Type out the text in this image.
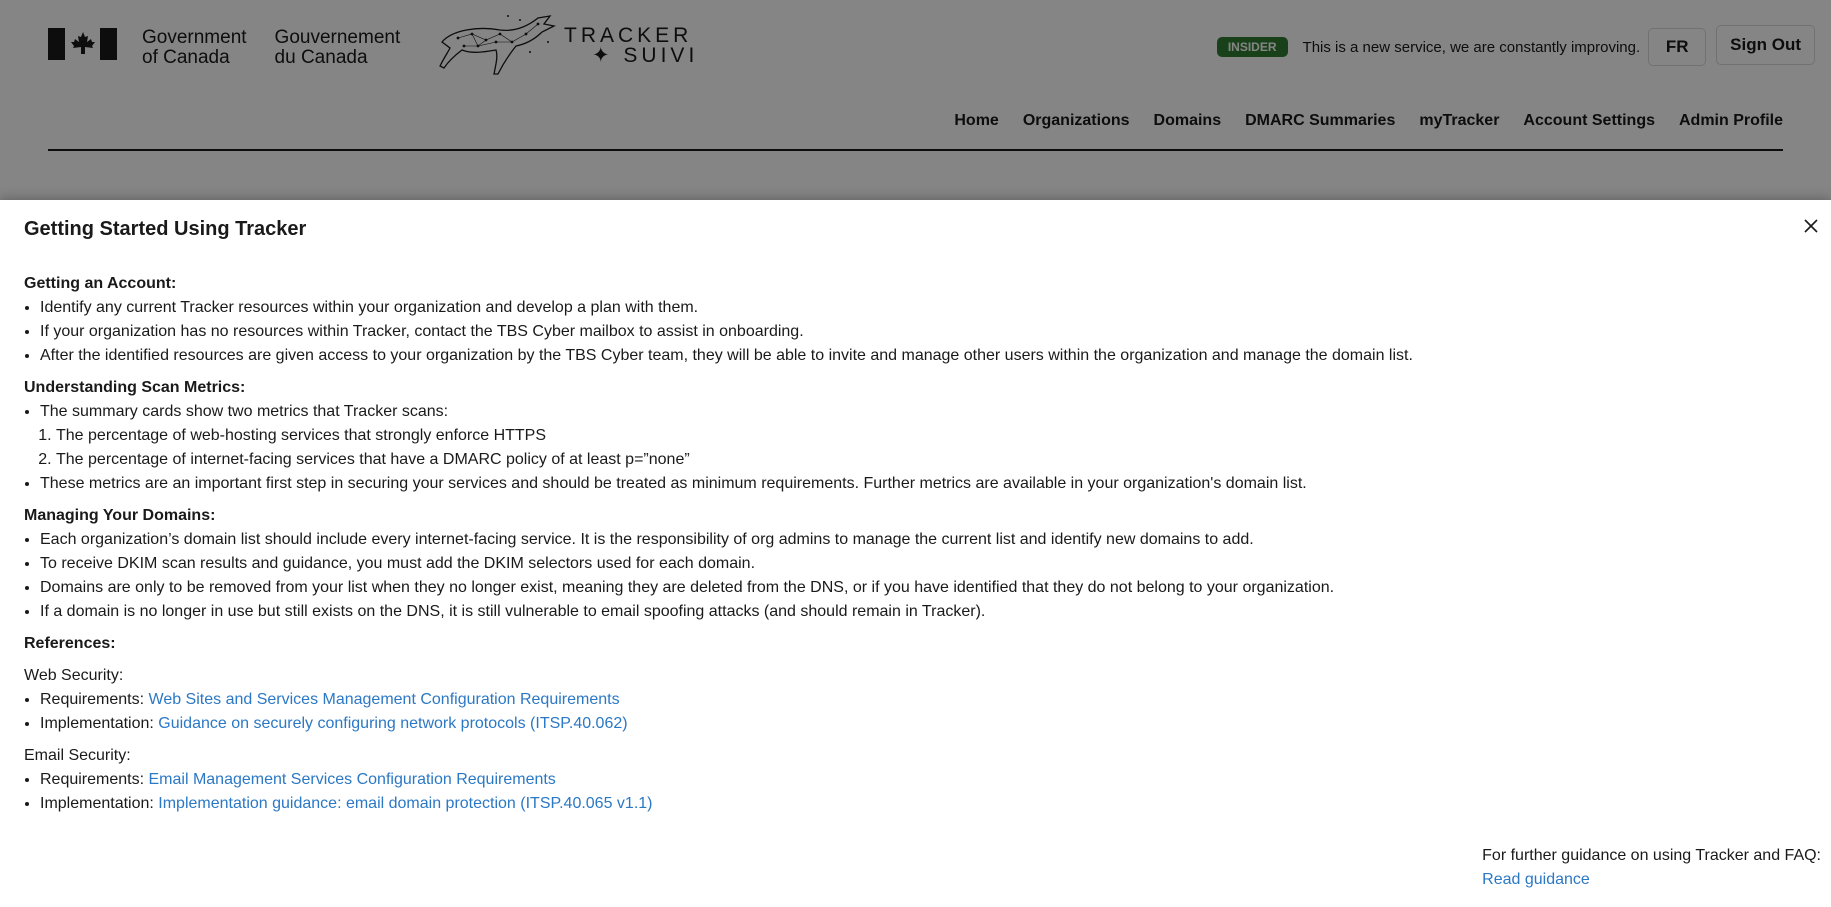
Government
of Canada
Gouvernement
du Canada
TRACKER
✦ SUIVI	INSIDER	This is a new service, we are constantly improving.	FR	Sign Out
Home Organizations Domains DMARC Summaries myTracker Account Settings Admin Profile
Getting Started Using Tracker
Getting an Account:
• Identify any current Tracker resources within your organization and develop a plan with them.
• If your organization has no resources within Tracker, contact the TBS Cyber mailbox to assist in onboarding.
• After the identified resources are given access to your organization by the TBS Cyber team, they will be able to invite and manage other users within the organization and manage the domain list.
Understanding Scan Metrics:
• The summary cards show two metrics that Tracker scans:
1. The percentage of web-hosting services that strongly enforce HTTPS
2. The percentage of internet-facing services that have a DMARC policy of at least p=”none”
• These metrics are an important first step in securing your services and should be treated as minimum requirements. Further metrics are available in your organization's domain list.
Managing Your Domains:
• Each organization’s domain list should include every internet-facing service. It is the responsibility of org admins to manage the current list and identify new domains to add.
• To receive DKIM scan results and guidance, you must add the DKIM selectors used for each domain.
• Domains are only to be removed from your list when they no longer exist, meaning they are deleted from the DNS, or if you have identified that they do not belong to your organization.
• If a domain is no longer in use but still exists on the DNS, it is still vulnerable to email spoofing attacks (and should remain in Tracker).
References:
Web Security:
• Requirements: Web Sites and Services Management Configuration Requirements
• Implementation: Guidance on securely configuring network protocols (ITSP.40.062)
Email Security:
• Requirements: Email Management Services Configuration Requirements
• Implementation: Implementation guidance: email domain protection (ITSP.40.065 v1.1)
For further guidance on using Tracker and FAQ:
Read guidance
